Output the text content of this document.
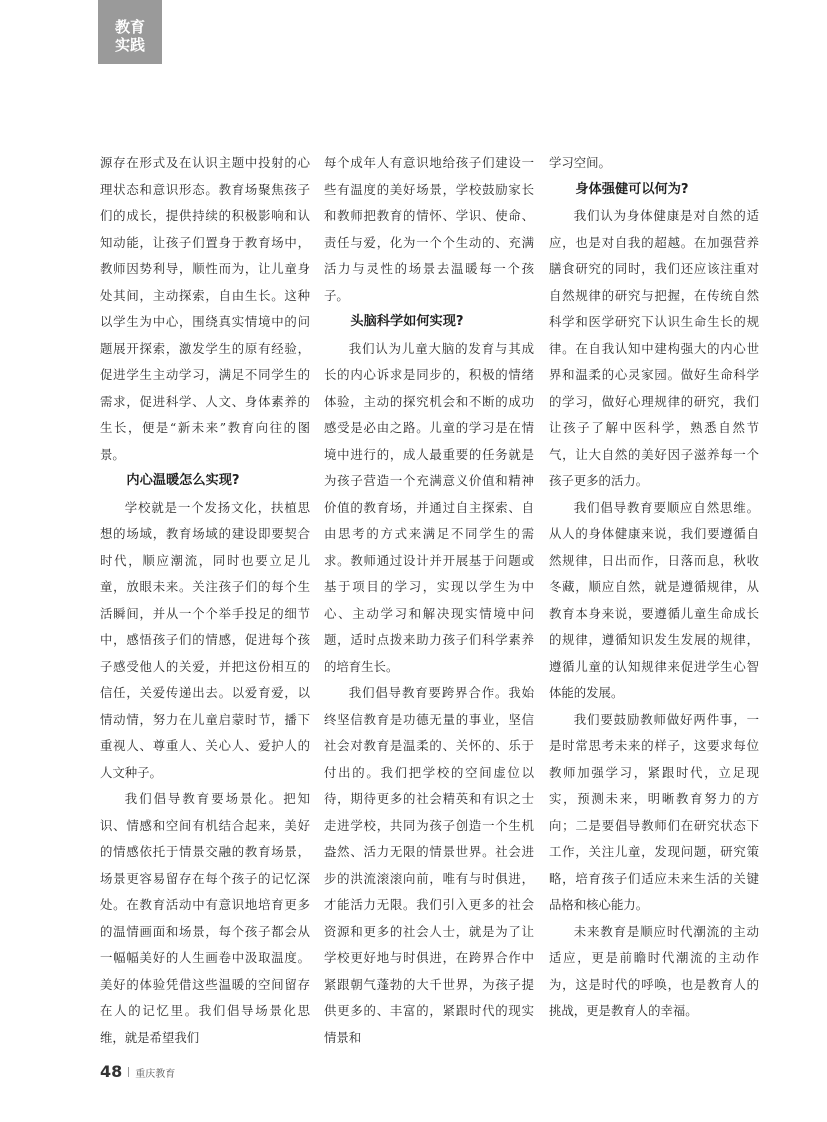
教育
实践

源存在形式及在认识主题中投射的心理状态和意识形态。教育场聚焦孩子们的成长，提供持续的积极影响和认知动能，让孩子们置身于教育场中，教师因势利导，顺性而为，让儿童身处其间，主动探索，自由生长。这种以学生为中心，围绕真实情境中的问题展开探索，激发学生的原有经验，促进学生主动学习，满足不同学生的需求，促进科学、人文、身体素养的生长，便是“新未来”教育向往的图景。

内心温暖怎么实现?

学校就是一个发扬文化，扶植思想的场域，教育场域的建设即要契合时代，顺应潮流，同时也要立足儿童，放眼未来。关注孩子们的每个生活瞬间，并从一个个举手投足的细节中，感悟孩子们的情感，促进每个孩子感受他人的关爱，并把这份相互的信任，关爱传递出去。以爱育爱，以情动情，努力在儿童启蒙时节，播下重视人、尊重人、关心人、爱护人的人文种子。

我们倡导教育要场景化。把知识、情感和空间有机结合起来，美好的情感依托于情景交融的教育场景，场景更容易留存在每个孩子的记忆深处。在教育活动中有意识地培育更多的温情画面和场景，每个孩子都会从一幅幅美好的人生画卷中汲取温度。美好的体验凭借这些温暖的空间留存在人的记忆里。我们倡导场景化思维，就是希望我们

每个成年人有意识地给孩子们建设一些有温度的美好场景，学校鼓励家长和教师把教育的情怀、学识、使命、责任与爱，化为一个个生动的、充满活力与灵性的场景去温暖每一个孩子。

头脑科学如何实现?

我们认为儿童大脑的发育与其成长的内心诉求是同步的，积极的情绪体验，主动的探究机会和不断的成功感受是必由之路。儿童的学习是在情境中进行的，成人最重要的任务就是为孩子营造一个充满意义价值和精神价值的教育场，并通过自主探索、自由思考的方式来满足不同学生的需求。教师通过设计并开展基于问题或基于项目的学习，实现以学生为中心、主动学习和解决现实情境中问题，适时点拨来助力孩子们科学素养的培育生长。

我们倡导教育要跨界合作。我始终坚信教育是功德无量的事业，坚信社会对教育是温柔的、关怀的、乐于付出的。我们把学校的空间虚位以待，期待更多的社会精英和有识之士走进学校，共同为孩子创造一个生机盎然、活力无限的情景世界。社会进步的洪流滚滚向前，唯有与时俱进，才能活力无限。我们引入更多的社会资源和更多的社会人士，就是为了让学校更好地与时俱进，在跨界合作中紧跟朝气蓬勃的大千世界，为孩子提供更多的、丰富的，紧跟时代的现实情景和

学习空间。

身体强健可以何为?

我们认为身体健康是对自然的适应，也是对自我的超越。在加强营养膳食研究的同时，我们还应该注重对自然规律的研究与把握，在传统自然科学和医学研究下认识生命生长的规律。在自我认知中建构强大的内心世界和温柔的心灵家园。做好生命科学的学习，做好心理规律的研究，我们让孩子了解中医科学，熟悉自然节气，让大自然的美好因子滋养每一个孩子更多的活力。

我们倡导教育要顺应自然思维。从人的身体健康来说，我们要遵循自然规律，日出而作，日落而息，秋收冬藏，顺应自然，就是遵循规律，从教育本身来说，要遵循儿童生命成长的规律，遵循知识发生发展的规律，遵循儿童的认知规律来促进学生心智体能的发展。

我们要鼓励教师做好两件事，一是时常思考未来的样子，这要求每位教师加强学习，紧跟时代，立足现实，预测未来，明晰教育努力的方向；二是要倡导教师们在研究状态下工作，关注儿童，发现问题，研究策略，培育孩子们适应未来生活的关键品格和核心能力。

未来教育是顺应时代潮流的主动适应，更是前瞻时代潮流的主动作为，这是时代的呼唤，也是教育人的挑战，更是教育人的幸福。

48 重庆教育
